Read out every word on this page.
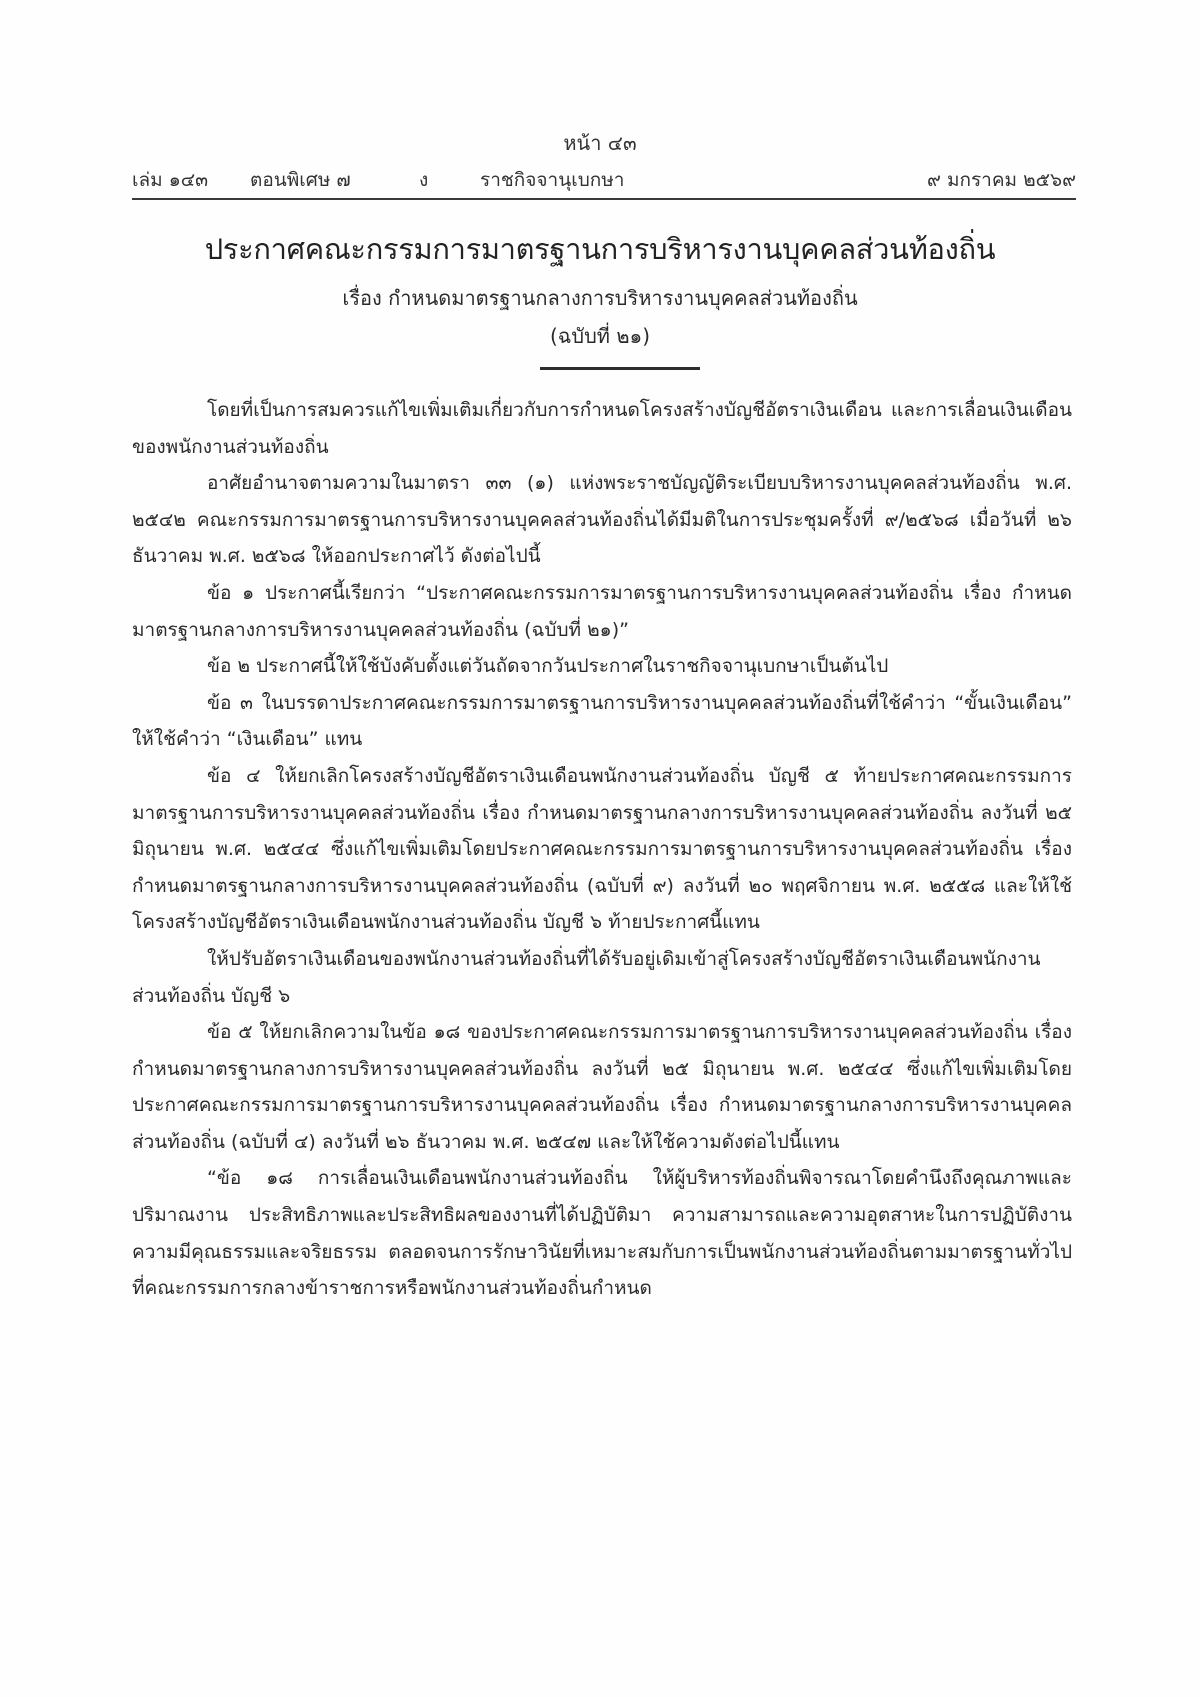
หน้า ๔๓
เล่ม ๑๔๓ ตอนพิเศษ ๗	ง	ราชกิจจานุเบกษา	๙ มกราคม ๒๕๖๙
ประกาศคณะกรรมการมาตรฐานการบริหารงานบุคคลส่วนท้องถิ่น
เรื่อง กำหนดมาตรฐานกลางการบริหารงานบุคคลส่วนท้องถิ่น
(ฉบับที่ ๒๑)

โดยที่เป็นการสมควรแก้ไขเพิ่มเติมเกี่ยวกับการกำหนดโครงสร้างบัญชีอัตราเงินเดือน และการเลื่อนเงินเดือนของพนักงานส่วนท้องถิ่น

อาศัยอำนาจตามความในมาตรา ๓๓ (๑) แห่งพระราชบัญญัติระเบียบบริหารงานบุคคลส่วนท้องถิ่น พ.ศ. ๒๕๔๒ คณะกรรมการมาตรฐานการบริหารงานบุคคลส่วนท้องถิ่นได้มีมติในการประชุมครั้งที่ ๙/๒๕๖๘ เมื่อวันที่ ๒๖ ธันวาคม พ.ศ. ๒๕๖๘ ให้ออกประกาศไว้ ดังต่อไปนี้

ข้อ ๑ ประกาศนี้เรียกว่า “ประกาศคณะกรรมการมาตรฐานการบริหารงานบุคคลส่วนท้องถิ่น เรื่อง กำหนดมาตรฐานกลางการบริหารงานบุคคลส่วนท้องถิ่น (ฉบับที่ ๒๑)”

ข้อ ๒ ประกาศนี้ให้ใช้บังคับตั้งแต่วันถัดจากวันประกาศในราชกิจจานุเบกษาเป็นต้นไป

ข้อ ๓ ในบรรดาประกาศคณะกรรมการมาตรฐานการบริหารงานบุคคลส่วนท้องถิ่นที่ใช้คำว่า “ขั้นเงินเดือน” ให้ใช้คำว่า “เงินเดือน” แทน

ข้อ ๔ ให้ยกเลิกโครงสร้างบัญชีอัตราเงินเดือนพนักงานส่วนท้องถิ่น บัญชี ๕ ท้ายประกาศคณะกรรมการมาตรฐานการบริหารงานบุคคลส่วนท้องถิ่น เรื่อง กำหนดมาตรฐานกลางการบริหารงานบุคคลส่วนท้องถิ่น ลงวันที่ ๒๕ มิถุนายน พ.ศ. ๒๕๔๔ ซึ่งแก้ไขเพิ่มเติมโดยประกาศคณะกรรมการมาตรฐานการบริหารงานบุคคลส่วนท้องถิ่น เรื่อง กำหนดมาตรฐานกลางการบริหารงานบุคคลส่วนท้องถิ่น (ฉบับที่ ๙) ลงวันที่ ๒๐ พฤศจิกายน พ.ศ. ๒๕๕๘ และให้ใช้โครงสร้างบัญชีอัตราเงินเดือนพนักงานส่วนท้องถิ่น บัญชี ๖ ท้ายประกาศนี้แทน

ให้ปรับอัตราเงินเดือนของพนักงานส่วนท้องถิ่นที่ได้รับอยู่เดิมเข้าสู่โครงสร้างบัญชีอัตราเงินเดือนพนักงานส่วนท้องถิ่น บัญชี ๖

ข้อ ๕ ให้ยกเลิกความในข้อ ๑๘ ของประกาศคณะกรรมการมาตรฐานการบริหารงานบุคคลส่วนท้องถิ่น เรื่อง กำหนดมาตรฐานกลางการบริหารงานบุคคลส่วนท้องถิ่น ลงวันที่ ๒๕ มิถุนายน พ.ศ. ๒๕๔๔ ซึ่งแก้ไขเพิ่มเติมโดยประกาศคณะกรรมการมาตรฐานการบริหารงานบุคคลส่วนท้องถิ่น เรื่อง กำหนดมาตรฐานกลางการบริหารงานบุคคลส่วนท้องถิ่น (ฉบับที่ ๔) ลงวันที่ ๒๖ ธันวาคม พ.ศ. ๒๕๔๗ และให้ใช้ความดังต่อไปนี้แทน

“ข้อ ๑๘ การเลื่อนเงินเดือนพนักงานส่วนท้องถิ่น ให้ผู้บริหารท้องถิ่นพิจารณาโดยคำนึงถึงคุณภาพและปริมาณงาน ประสิทธิภาพและประสิทธิผลของงานที่ได้ปฏิบัติมา ความสามารถและความอุตสาหะในการปฏิบัติงาน ความมีคุณธรรมและจริยธรรม ตลอดจนการรักษาวินัยที่เหมาะสมกับการเป็นพนักงานส่วนท้องถิ่นตามมาตรฐานทั่วไปที่คณะกรรมการกลางข้าราชการหรือพนักงานส่วนท้องถิ่นกำหนด
